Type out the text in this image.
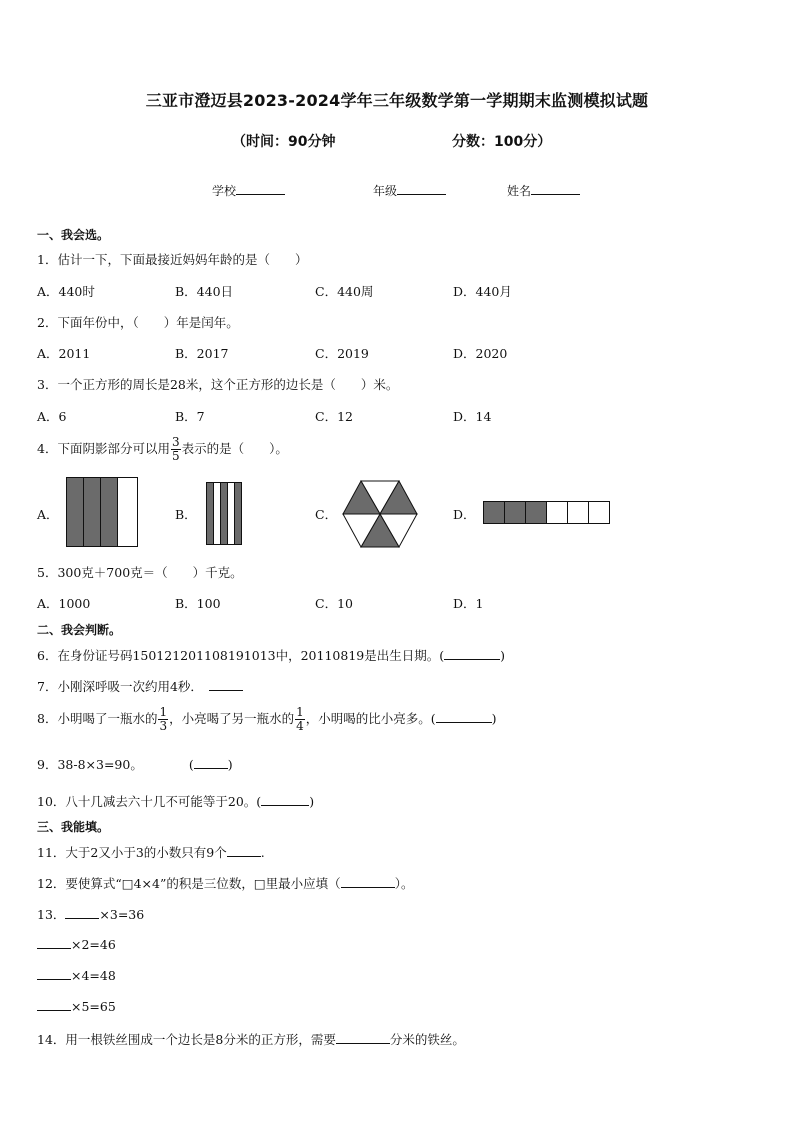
三亚市澄迈县2023-2024学年三年级数学第一学期期末监测模拟试题
（时间：90分钟	分数：100分）
学校	年级	姓名
一、我会选。
1．估计一下，下面最接近妈妈年龄的是（　　）
A．440时	B．440日	C．440周	D．440月
2．下面年份中，（　　）年是闰年。
A．2011	B．2017	C．2019	D．2020
3．一个正方形的周长是28米，这个正方形的边长是（　　）米。
A．6	B．7	C．12	D．14
4．下面阴影部分可以用 $\frac{3}{5}$ 表示的是（　　）。
A．	B．	C．	D．
5．300克＋700克＝（　　）千克。
A．1000	B．100	C．10	D．1
二、我会判断。
6．在身份证号码150121201108191013中，20110819是出生日期。(	)
7．小刚深呼吸一次约用4秒．
8．小明喝了一瓶水的 $\frac{1}{3}$ ，小亮喝了另一瓶水的 $\frac{1}{4}$ ，小明喝的比小亮多。(	)
9．38-8×3=90。	(	)
10．八十几减去六十几不可能等于20。(	)
三、我能填。
11．大于2又小于3的小数只有9个	.
12．要使算式“□4×4”的积是三位数，□里最小应填（	）。
13．	×3=36
×2=46
×4=48
×5=65
14．用一根铁丝围成一个边长是8分米的正方形，需要	分米的铁丝。
